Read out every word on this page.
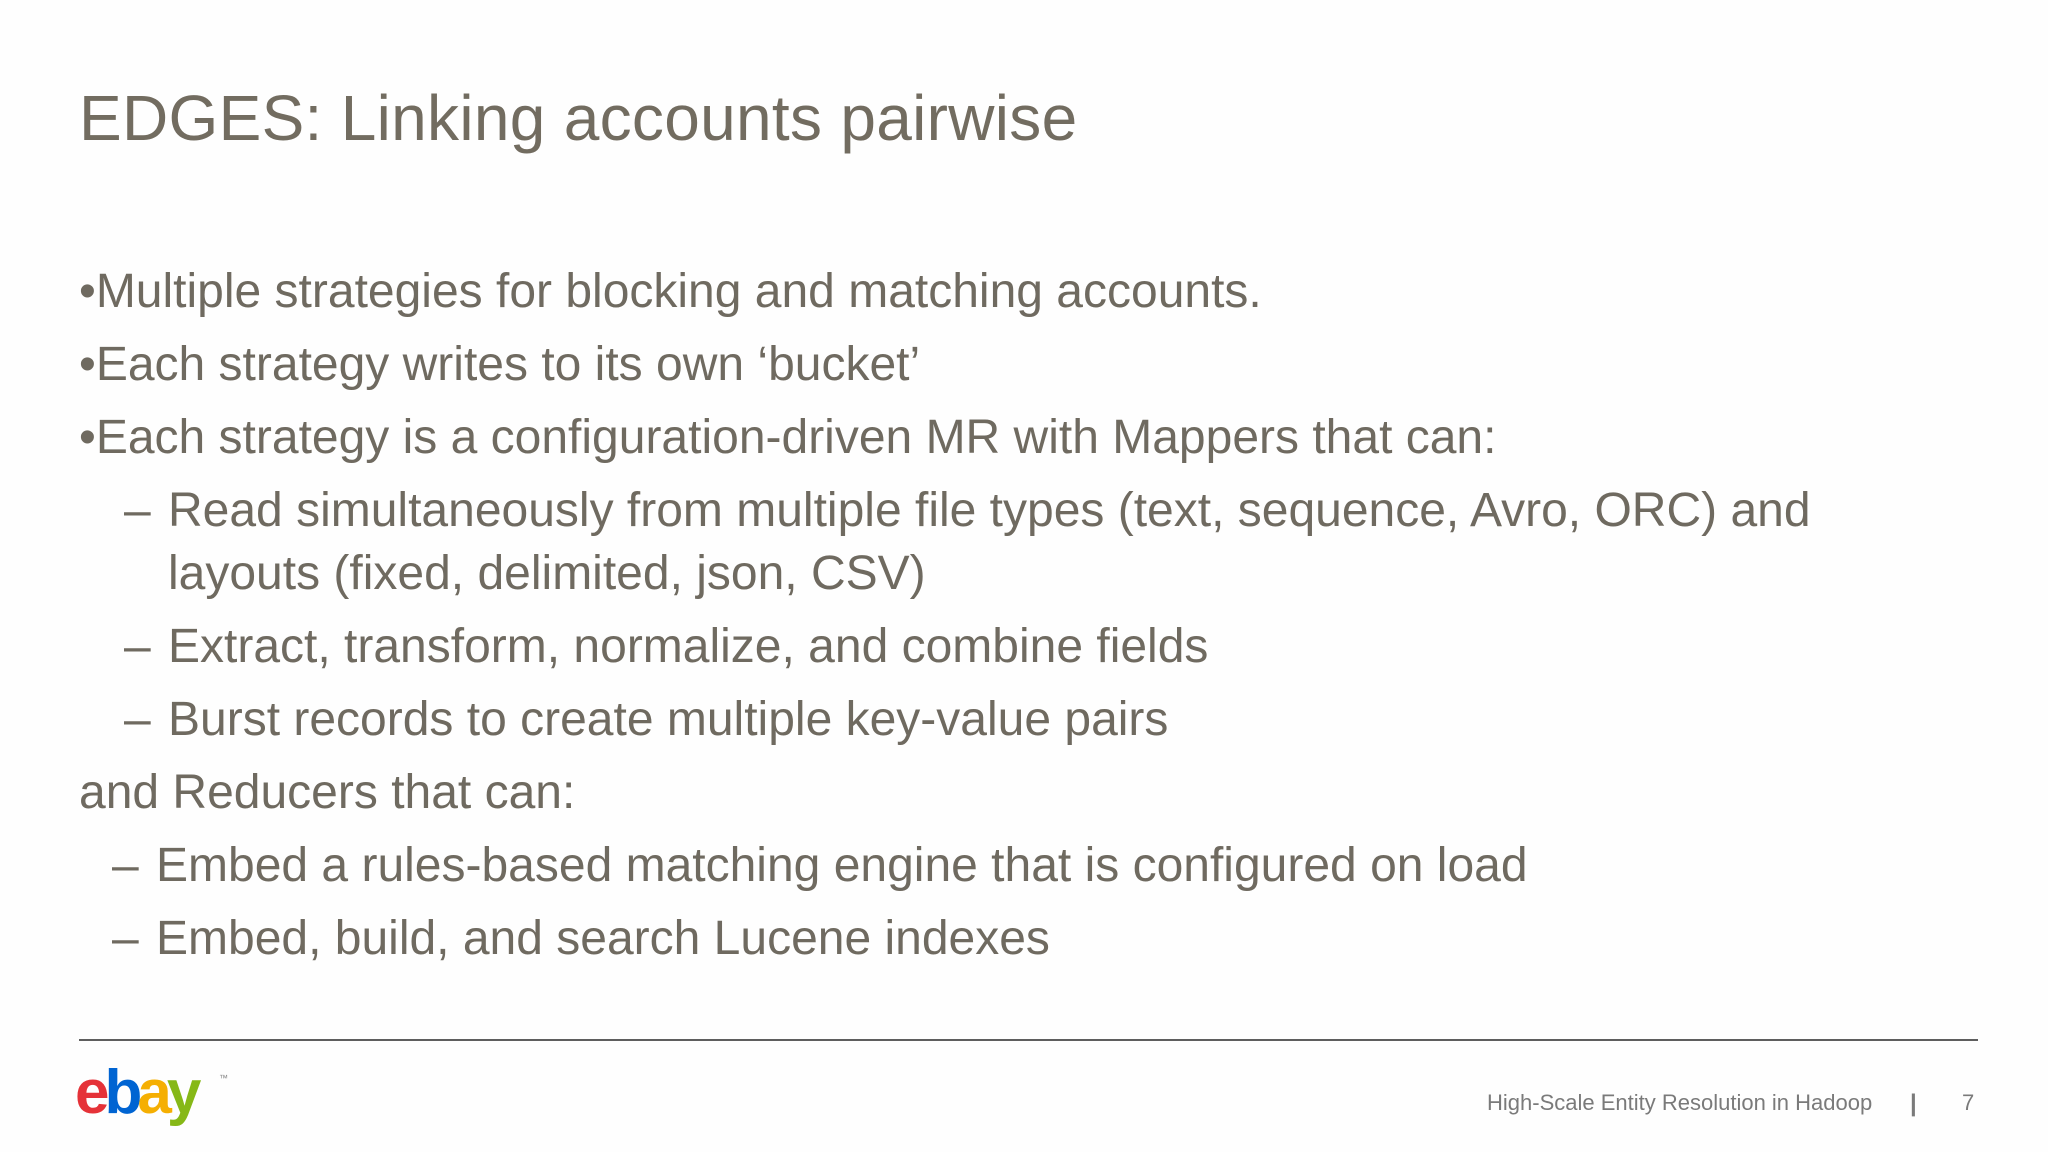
EDGES: Linking accounts pairwise
•Multiple strategies for blocking and matching accounts.
•Each strategy writes to its own ‘bucket’
•Each strategy is a configuration-driven MR with Mappers that can:
– Read simultaneously from multiple file types (text, sequence, Avro, ORC) and
layouts (fixed, delimited, json, CSV)
– Extract, transform, normalize, and combine fields
– Burst records to create multiple key-value pairs
and Reducers that can:
– Embed a rules-based matching engine that is configured on load
– Embed, build, and search Lucene indexes
ebay	™
High-Scale Entity Resolution in Hadoop | 7
